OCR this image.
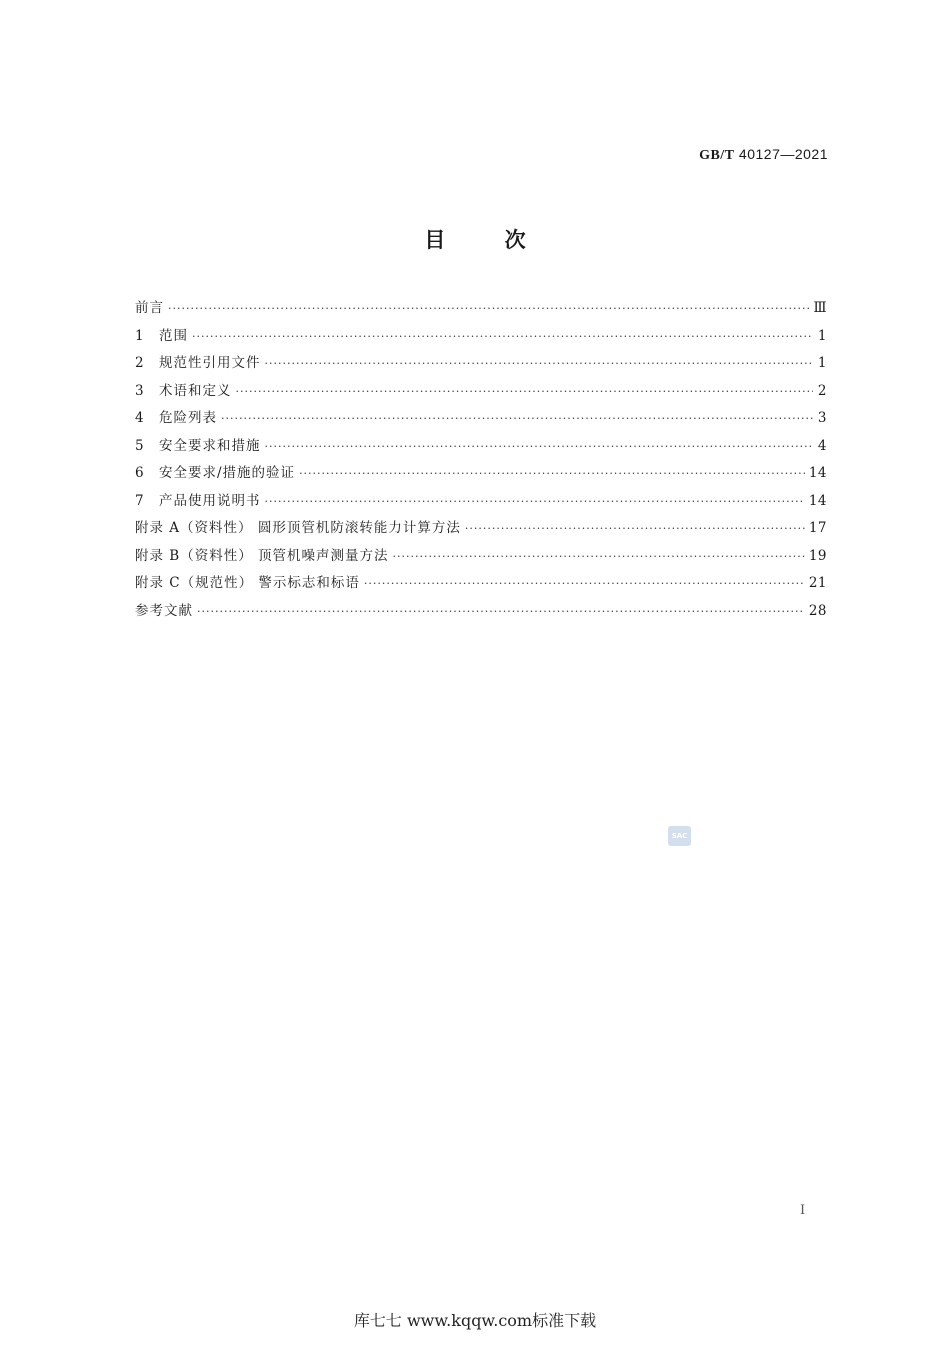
GB/T 40127—2021
目	次
前言 ·····	Ⅲ
1	范围 ·····	1
2	规范性引用文件 ·····	1
3	术语和定义 ·····	2
4	危险列表 ·····	3
5	安全要求和措施 ·····	4
6	安全要求/措施的验证 ·····	14
7	产品使用说明书 ·····	14
附录 A（资料性） 圆形顶管机防滚转能力计算方法 ·····	17
附录 B（资料性） 顶管机噪声测量方法 ·····	19
附录 C（规范性） 警示标志和标语 ·····	21
参考文献 ·····	28
SAC
Ⅰ
库七七 www.kqqw.com标准下载
